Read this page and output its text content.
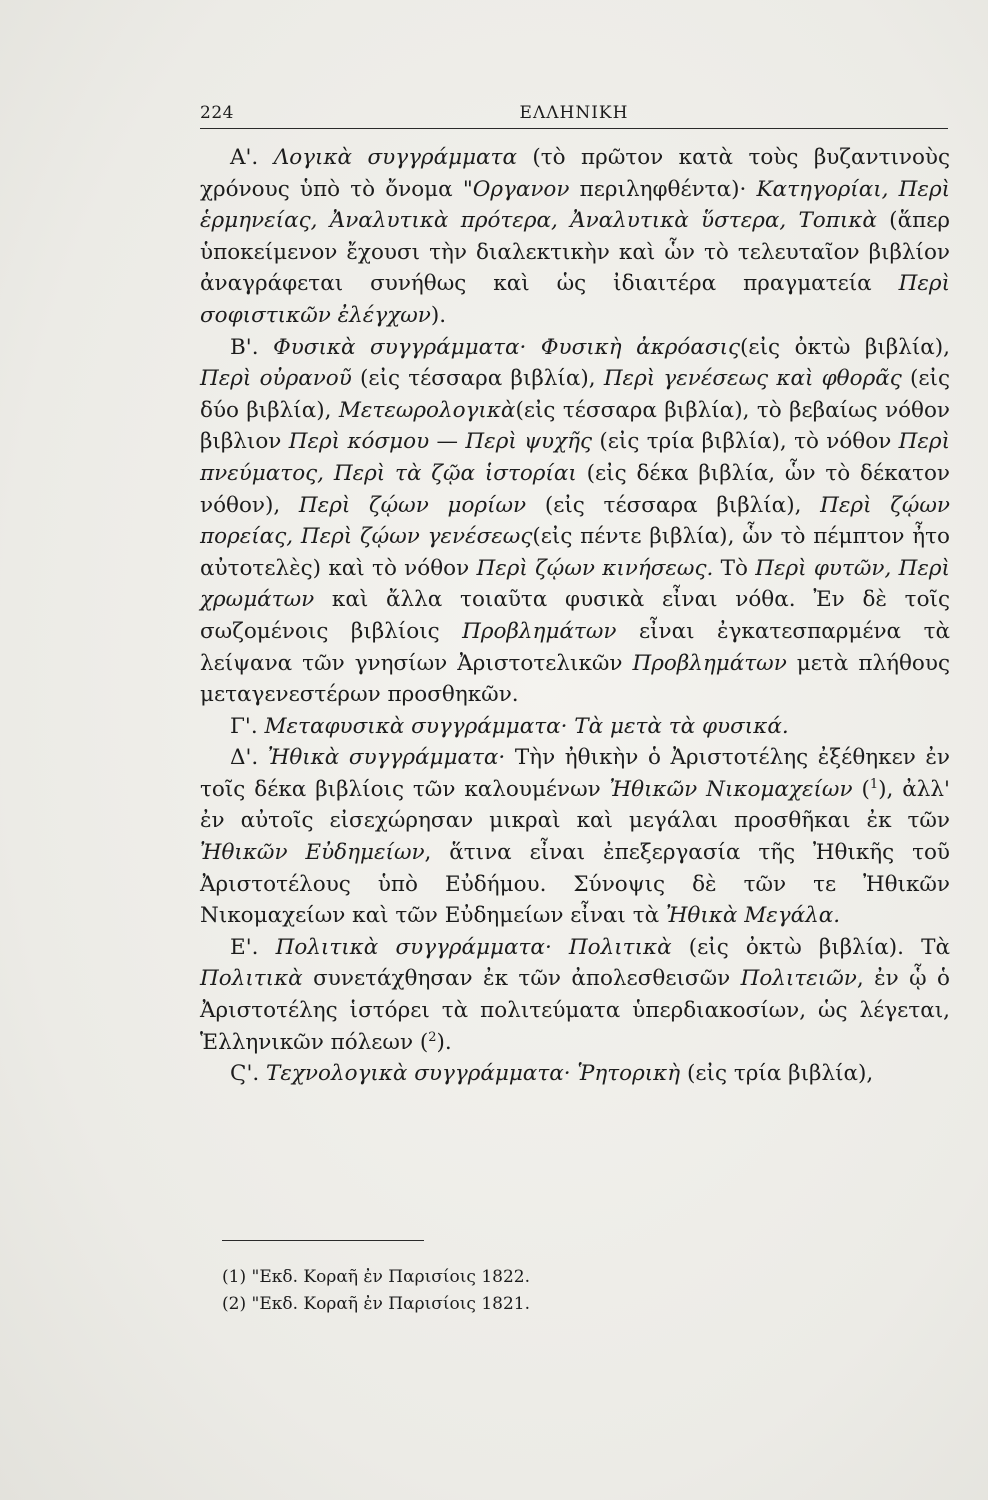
224	ΕΛΛΗΝΙΚΗ

Α'. Λογικὰ συγγράμματα (τὸ πρῶτον κατὰ τοὺς βυζαντινοὺς χρόνους ὑπὸ τὸ ὄνομα "Οργανον περιληφθέντα)· Κατηγορίαι, Περὶ ἑρμηνείας, Ἀναλυτικὰ πρότερα, Ἀναλυτικὰ ὕστερα, Τοπικὰ (ἅπερ ὑποκείμενον ἔχουσι τὴν διαλεκτικὴν καὶ ὧν τὸ τελευταῖον βιβλίον ἀναγράφεται συνήθως καὶ ὡς ἰδιαιτέρα πραγματεία Περὶ σοφιστικῶν ἐλέγχων).

Β'. Φυσικὰ συγγράμματα· Φυσικὴ ἀκρόασις(εἰς ὀκτὼ βιβλία), Περὶ οὐρανοῦ (εἰς τέσσαρα βιβλία), Περὶ γενέσεως καὶ φθορᾶς (εἰς δύο βιβλία), Μετεωρολογικὰ(εἰς τέσσαρα βιβλία), τὸ βεβαίως νόθον βιβλιον Περὶ κόσμου — Περὶ ψυχῆς (εἰς τρία βιβλία), τὸ νόθον Περὶ πνεύματος, Περὶ τὰ ζῷα ἱστορίαι (εἰς δέκα βιβλία, ὧν τὸ δέκατον νόθον), Περὶ ζῴων μορίων (εἰς τέσσαρα βιβλία), Περὶ ζῴων πορείας, Περὶ ζῴων γενέσεως(εἰς πέντε βιβλία), ὧν τὸ πέμπτον ἦτο αὐτοτελὲς) καὶ τὸ νόθον Περὶ ζῴων κινήσεως. Τὸ Περὶ φυτῶν, Περὶ χρωμάτων καὶ ἄλλα τοιαῦτα φυσικὰ εἶναι νόθα. Ἐν δὲ τοῖς σωζομένοις βιβλίοις Προβλημάτων εἶναι ἐγκατεσπαρμένα τὰ λείψανα τῶν γνησίων Ἀριστοτελικῶν Προβλημάτων μετὰ πλήθους μεταγενεστέρων προσθηκῶν.

Γ'. Μεταφυσικὰ συγγράμματα· Τὰ μετὰ τὰ φυσικά.

Δ'. Ἠθικὰ συγγράμματα· Τὴν ἠθικὴν ὁ Ἀριστοτέλης ἐξέθηκεν ἐν τοῖς δέκα βιβλίοις τῶν καλουμένων Ἠθικῶν Νικομαχείων ($^1$), ἀλλ' ἐν αὐτοῖς εἰσεχώρησαν μικραὶ καὶ μεγάλαι προσθῆκαι ἐκ τῶν Ἠθικῶν Εὐδημείων, ἅτινα εἶναι ἐπεξεργασία τῆς Ἠθικῆς τοῦ Ἀριστοτέλους ὑπὸ Εὐδήμου. Σύνοψις δὲ τῶν τε Ἠθικῶν Νικομαχείων καὶ τῶν Εὐδημείων εἶναι τὰ Ἠθικὰ Μεγάλα.

Ε'. Πολιτικὰ συγγράμματα· Πολιτικὰ (εἰς ὀκτὼ βιβλία). Τὰ Πολιτικὰ συνετάχθησαν ἐκ τῶν ἀπολεσθεισῶν Πολιτειῶν, ἐν ᾧ ὁ Ἀριστοτέλης ἱστόρει τὰ πολιτεύματα ὑπερδιακοσίων, ὡς λέγεται, Ἑλληνικῶν πόλεων ($^2$).

Ϛ'. Τεχνολογικὰ συγγράμματα· Ῥητορικὴ (εἰς τρία βιβλία),

(1) "Εκδ. Κοραῆ ἐν Παρισίοις 1822.

(2) "Εκδ. Κοραῆ ἐν Παρισίοις 1821.
